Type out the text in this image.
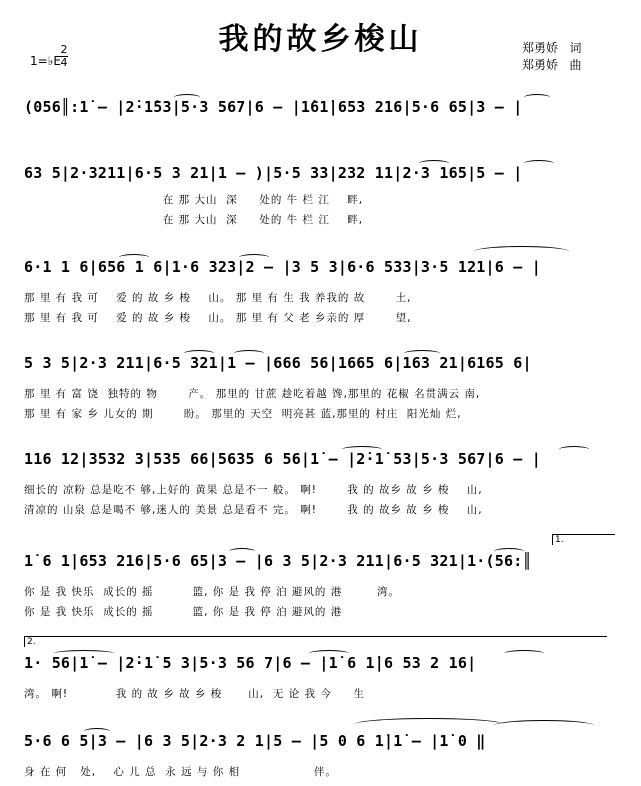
我的故乡梭山
1=♭E
2
4
郑勇娇 词
郑勇娇 曲
(056║:1̇ – |2̇·1̇53|5·3 567|6 – |1̇61̇|653 216|5·6 65|3 – |
63 5|2·3211|6·5 3 21|1 – )|5·5 33|232 11|2·3 165|5 – |
在 那 大山  深     处的 牛 栏 江    畔,
在 那 大山  深     处的 牛 栏 江    畔,
6·1 1 6|656 1 6|1·6 323|2 – |3 5 3|6·6 533|3·5 121|6 – |
那 里 有 我 可    爱 的 故 乡 梭    山。 那 里 有 生 我 养我的 故       土,
那 里 有 我 可    爱 的 故 乡 梭    山。 那 里 有 父 老 乡亲的 厚       望,
5 3 5|2·3 211|6·5 321|1 – |666 56|1665 6|163 21|6165 6|
那 里 有 富 饶  独特的 物       产。 那里的 甘蔗 趁吃着越 馋,那里的 花椒 名贯满云 南,
那 里 有 家 乡 儿女的 期       盼。 那里的 天空  明亮甚 蓝,那里的 村庄  阳光灿 烂,
116 12|3532 3|535 66|5635 6 56|1̇ – |2̇·1̇ 53|5·3 567|6 – |
细长的 凉粉 总是吃不 够,上好的 黄果 总是不一 般。 啊!       我 的 故乡 故 乡 梭    山,
清凉的 山泉 总是喝不 够,迷人的 美景 总是看不 完。 啊!       我 的 故乡 故 乡 梭    山,
1.
1̇ 6 1̇|653 216|5·6 65|3 – |6 3 5|2·3 211|6·5 321|1·(56:║
你 是 我 快乐  成长的 摇         篮, 你 是 我 停 泊 避风的 港        湾。
你 是 我 快乐  成长的 摇         篮, 你 是 我 停 泊 避风的 港
2.
1· 56|1̇ – |2̇·1̇ 5 3|5·3 56 7|6 – |1̇ 6 1̇|6 53 2 16|
湾。 啊!           我 的 故 乡 故 乡 梭      山,  无 论 我 今     生
5·6 6 5|3 – |6 3 5|2·3 2 1|5 – |5 0 6 1̇|1̇ – |1̇ 0 ‖
身 在 何   处,    心 儿 总  永 远 与 你 相                 伴。
